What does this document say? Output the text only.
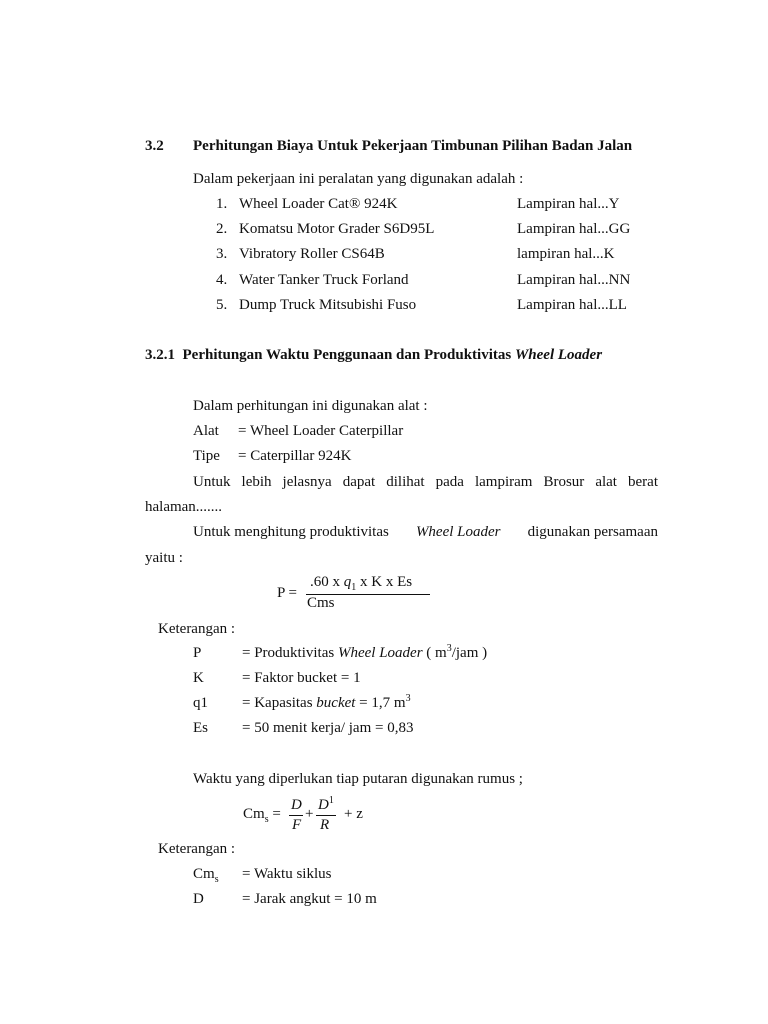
3.2 Perhitungan Biaya Untuk Pekerjaan Timbunan Pilihan Badan Jalan
Dalam pekerjaan ini peralatan yang digunakan adalah :
1. Wheel Loader Cat® 924K	Lampiran hal...Y
2. Komatsu Motor Grader S6D95L	Lampiran hal...GG
3. Vibratory Roller CS64B	lampiran hal...K
4. Water Tanker Truck Forland	Lampiran hal...NN
5. Dump Truck Mitsubishi Fuso	Lampiran hal...LL
3.2.1 Perhitungan Waktu Penggunaan dan Produktivitas Wheel Loader
Dalam perhitungan ini digunakan alat :
Alat = Wheel Loader Caterpillar
Tipe = Caterpillar 924K
Untuk lebih jelasnya dapat dilihat pada lampiram Brosur alat berat
halaman.......
Untuk menghitung produktivitas Wheel Loader digunakan persamaan
yaitu :
P =
.60 x $q_1$ x K x Es
Cms
Keterangan :
P	= Produktivitas Wheel Loader ( $m^3$/jam )
K	= Faktor bucket = 1
q1 = Kapasitas bucket = 1,7 $m^3$
Es = 50 menit kerja/ jam = 0,83
Waktu yang diperlukan tiap putaran digunakan rumus ;
$Cm_s$ =
D
F
+
$D^1$
R
+ z
Keterangan :
$Cm_s$ = Waktu siklus
D	= Jarak angkut = 10 m
